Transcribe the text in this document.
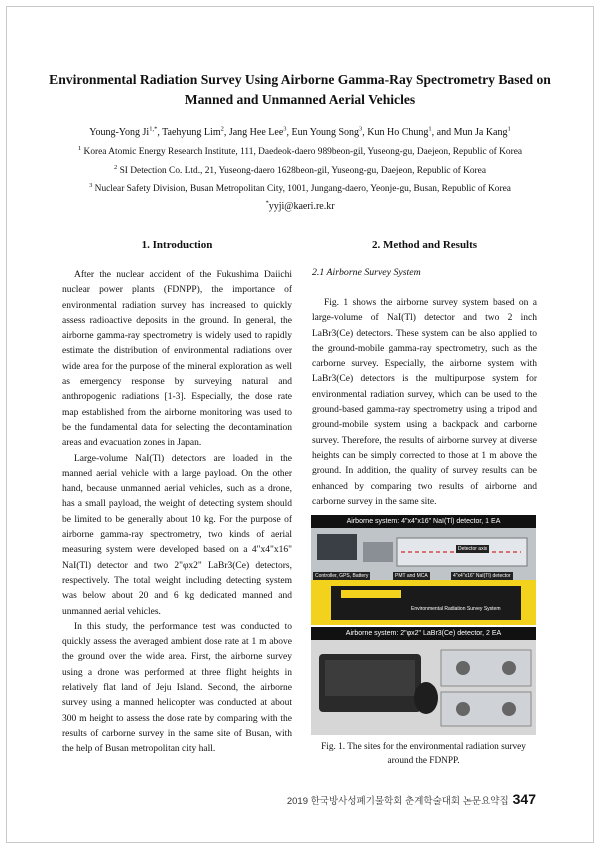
Environmental Radiation Survey Using Airborne Gamma-Ray Spectrometry Based on
Manned and Unmanned Aerial Vehicles
Young-Yong $Ji^{1,*}$, Taehyung Lim$^2$, Jang Hee Lee$^3$, Eun Young Song$^3$, Kun Ho Chung$^1$, and Mun Ja Kang$^1$
$^1$ Korea Atomic Energy Research Institute, 111, Daedeok-daero 989beon-gil, Yuseong-gu, Daejeon, Republic of Korea
$^2$ SI Detection Co. Ltd., 21, Yuseong-daero 1628beon-gil, Yuseong-gu, Daejeon, Republic of Korea
$^3$ Nuclear Safety Division, Busan Metropolitan City, 1001, Jungang-daero, Yeonje-gu, Busan, Republic of Korea
*yyji@kaeri.re.kr
1. Introduction	2. Method and Results

After the nuclear accident of the Fukushima Daiichi nuclear power plants (FDNPP), the importance of environmental radiation survey has increased to quickly assess radioactive deposits in the ground. In general, the airborne gamma-ray spectrometry is widely used to rapidly estimate the distribution of environmental radiations over wide area for the purpose of the mineral exploration as well as emergency response by surveying natural and anthropogenic radiations [1-3]. Especially, the dose rate map established from the airborne monitoring was used to be the fundamental data for selecting the decontamination areas and evacuation zones in Japan.

Large-volume NaI(Tl) detectors are loaded in the manned aerial vehicle with a large payload. On the other hand, because unmanned aerial vehicles, such as a drone, has a small payload, the weight of detecting system should be limited to be generally about 10 kg. For the purpose of airborne gamma-ray spectrometry, two kinds of aerial measuring system were developed based on a 4"x4"x16" NaI(Tl) detector and two 2"φx2" LaBr3(Ce) detectors, respectively. The total weight including detecting system was below about 20 and 6 kg dedicated manned and unmanned aerial vehicles.

In this study, the performance test was conducted to quickly assess the averaged ambient dose rate at 1 m above the ground over the wide area. First, the airborne survey using a drone was performed at three flight heights in relatively flat land of Jeju Island. Second, the airborne survey using a manned helicopter was conducted at about 300 m height to assess the dose rate by comparing with the results of carborne survey in the same site of Busan, with the help of Busan metropolitan city hall.

2.1 Airborne Survey System

Fig. 1 shows the airborne survey system based on a large-volume of NaI(Tl) detector and two 2 inch LaBr3(Ce) detectors. These system can be also applied to the ground-mobile gamma-ray spectrometry, such as the carborne survey. Especially, the airborne system with LaBr3(Ce) detectors is the multipurpose system for environmental radiation survey, which can be used to the ground-based gamma-ray spectrometry using a tripod and ground-mobile system using a backpack and carborne survey. Therefore, the results of airborne survey at diverse heights can be simply corrected to those at 1 m above the ground. In addition, the quality of survey results can be enhanced by comparing two results of airborne and carborne survey in the same site.

Airborne system: 4"x4"x16" NaI(Tl) detector, 1 EA
Detector axis
Controller, GPS, Battery	PMT and MCA	4"x4"x16" NaI(Tl) detector
Environmental Radiation Survey System
Airborne system: 2"φx2" LaBr3(Ce) detector, 2 EA
Fig. 1. The sites for the environmental radiation survey around the FDNPP.
2019 한국방사성폐기물학회 춘계학술대회 논문요약집 347
